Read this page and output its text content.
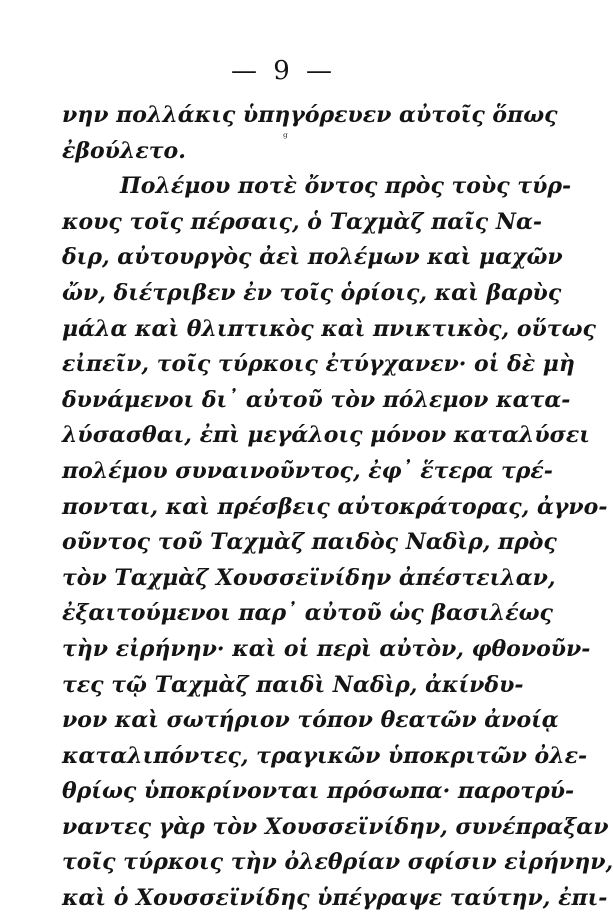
— 9 —
ᵍ
νην πολλάκις ὑπηγόρευεν αὐτοῖς ὅπως
ἐβούλετο.
Πολέμου ποτὲ ὄντος πρὸς τοὺς τύρ-
κους τοῖς πέρσαις, ὁ Ταχμὰζ παῖς Να-
διρ, αὐτουργὸς ἀεὶ πολέμων καὶ μαχῶν
ὤν, διέτριβεν ἐν τοῖς ὁρίοις, καὶ βαρὺς
μάλα καὶ θλιπτικὸς καὶ πνικτικὸς, οὕτως
εἰπεῖν, τοῖς τύρκοις ἐτύγχανεν· οἱ δὲ μὴ
δυνάμενοι δι᾽ αὐτοῦ τὸν πόλεμον κατα-
λύσασθαι, ἐπὶ μεγάλοις μόνον καταλύσει
πολέμου συναινοῦντος, ἐφ᾽ ἕτερα τρέ-
πονται, καὶ πρέσβεις αὐτοκράτορας, ἀγνο-
οῦντος τοῦ Ταχμὰζ παιδὸς Ναδὶρ, πρὸς
τὸν Ταχμὰζ Χουσσεϊνίδην ἀπέστειλαν,
ἐξαιτούμενοι παρ᾽ αὐτοῦ ὡς βασιλέως
τὴν εἰρήνην· καὶ οἱ περὶ αὐτὸν, φθονοῦν-
τες τῷ Ταχμὰζ παιδὶ Ναδὶρ, ἀκίνδυ-
νον καὶ σωτήριον τόπον θεατῶν ἀνοίᾳ
καταλιπόντες, τραγικῶν ὑποκριτῶν ὀλε-
θρίως ὑποκρίνονται πρόσωπα· παροτρύ-
ναντες γὰρ τὸν Χουσσεϊνίδην, συνέπραξαν
τοῖς τύρκοις τὴν ὀλεθρίαν σφίσιν εἰρήνην,
καὶ ὁ Χουσσεϊνίδης ὑπέγραψε ταύτην, ἐπι-
